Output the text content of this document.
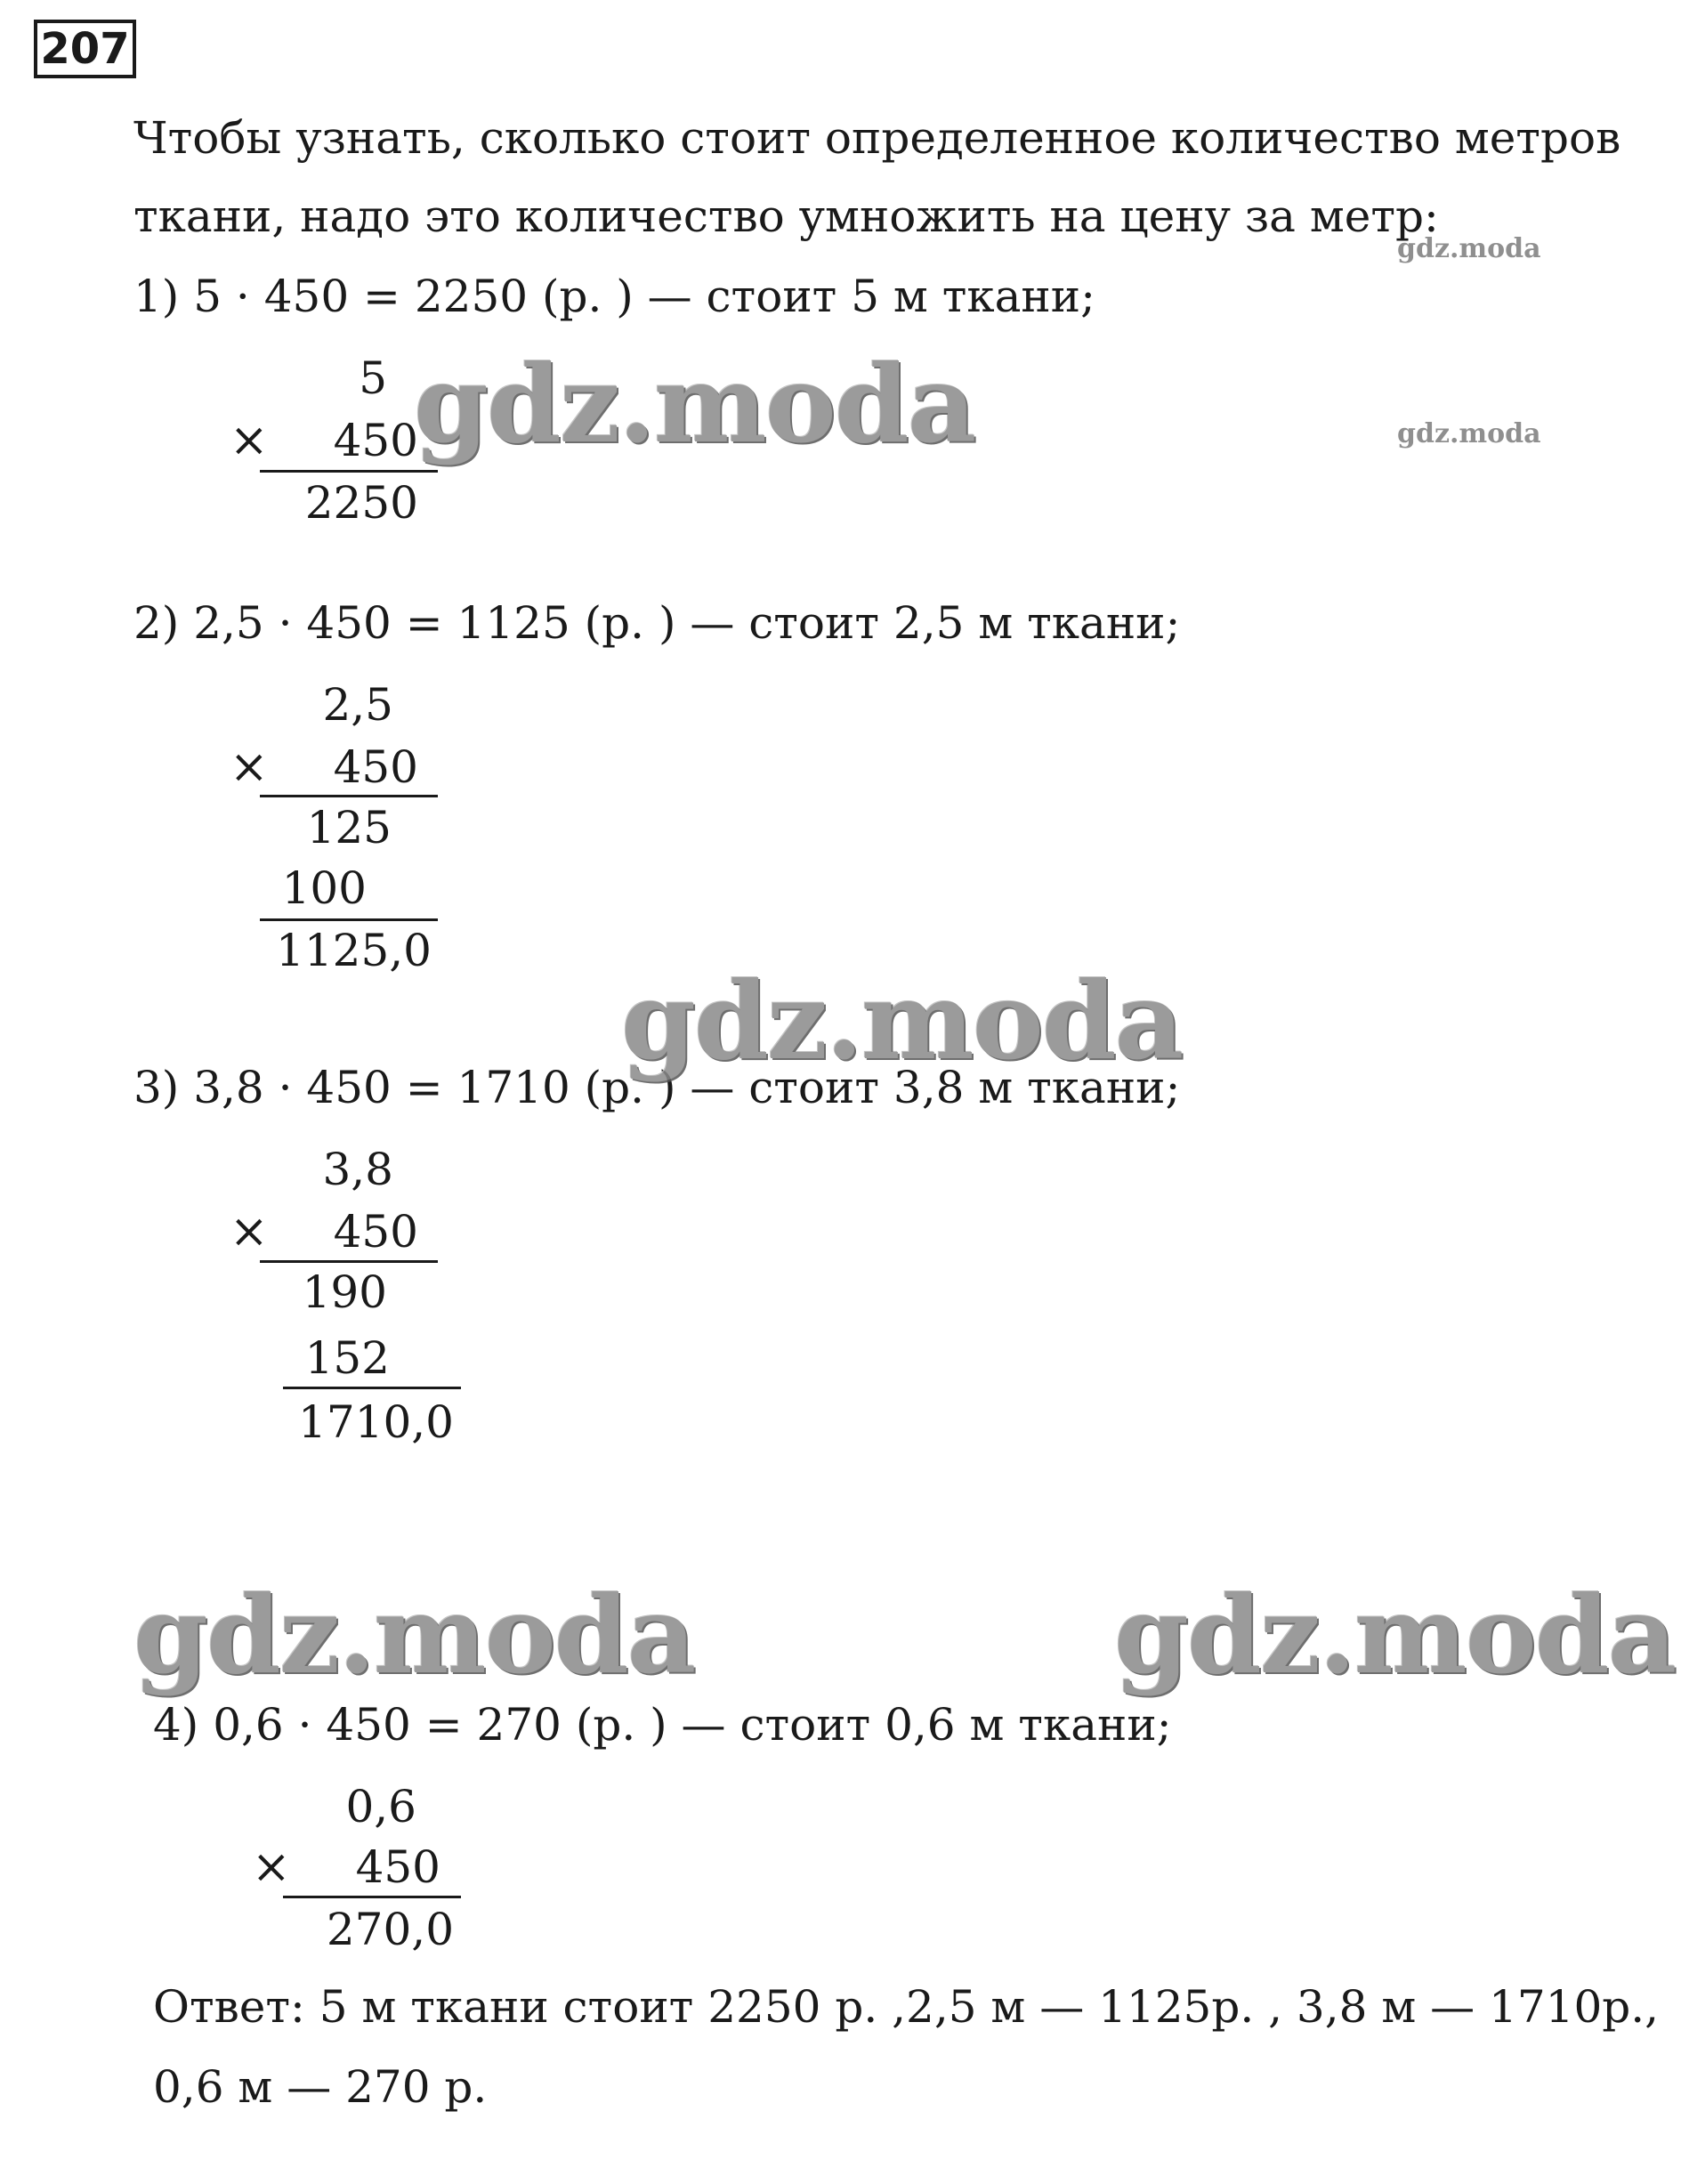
207
Чтобы узнать, сколько стоит определенное количество метров
ткани, надо это количество умножить на цену за метр:
1) 5 · 450 = 2250 (р. ) — стоит 5 м ткани;
5
×	450
2250
2) 2,5 · 450 = 1125 (р. ) — стоит 2,5 м ткани;
2,5
×	450
125
100
1125,0
3) 3,8 · 450 = 1710 (р. ) — стоит 3,8 м ткани;
3,8
×	450
190
152
1710,0
4) 0,6 · 450 = 270 (р. ) — стоит 0,6 м ткани;
0,6
×	450
270,0
Ответ: 5 м ткани стоит 2250 р. ,2,5 м — 1125р. , 3,8 м — 1710р.,
0,6 м — 270 р.
gdz.moda
gdz.moda
gdz.moda
gdz.moda
gdz.moda	gdz.moda
